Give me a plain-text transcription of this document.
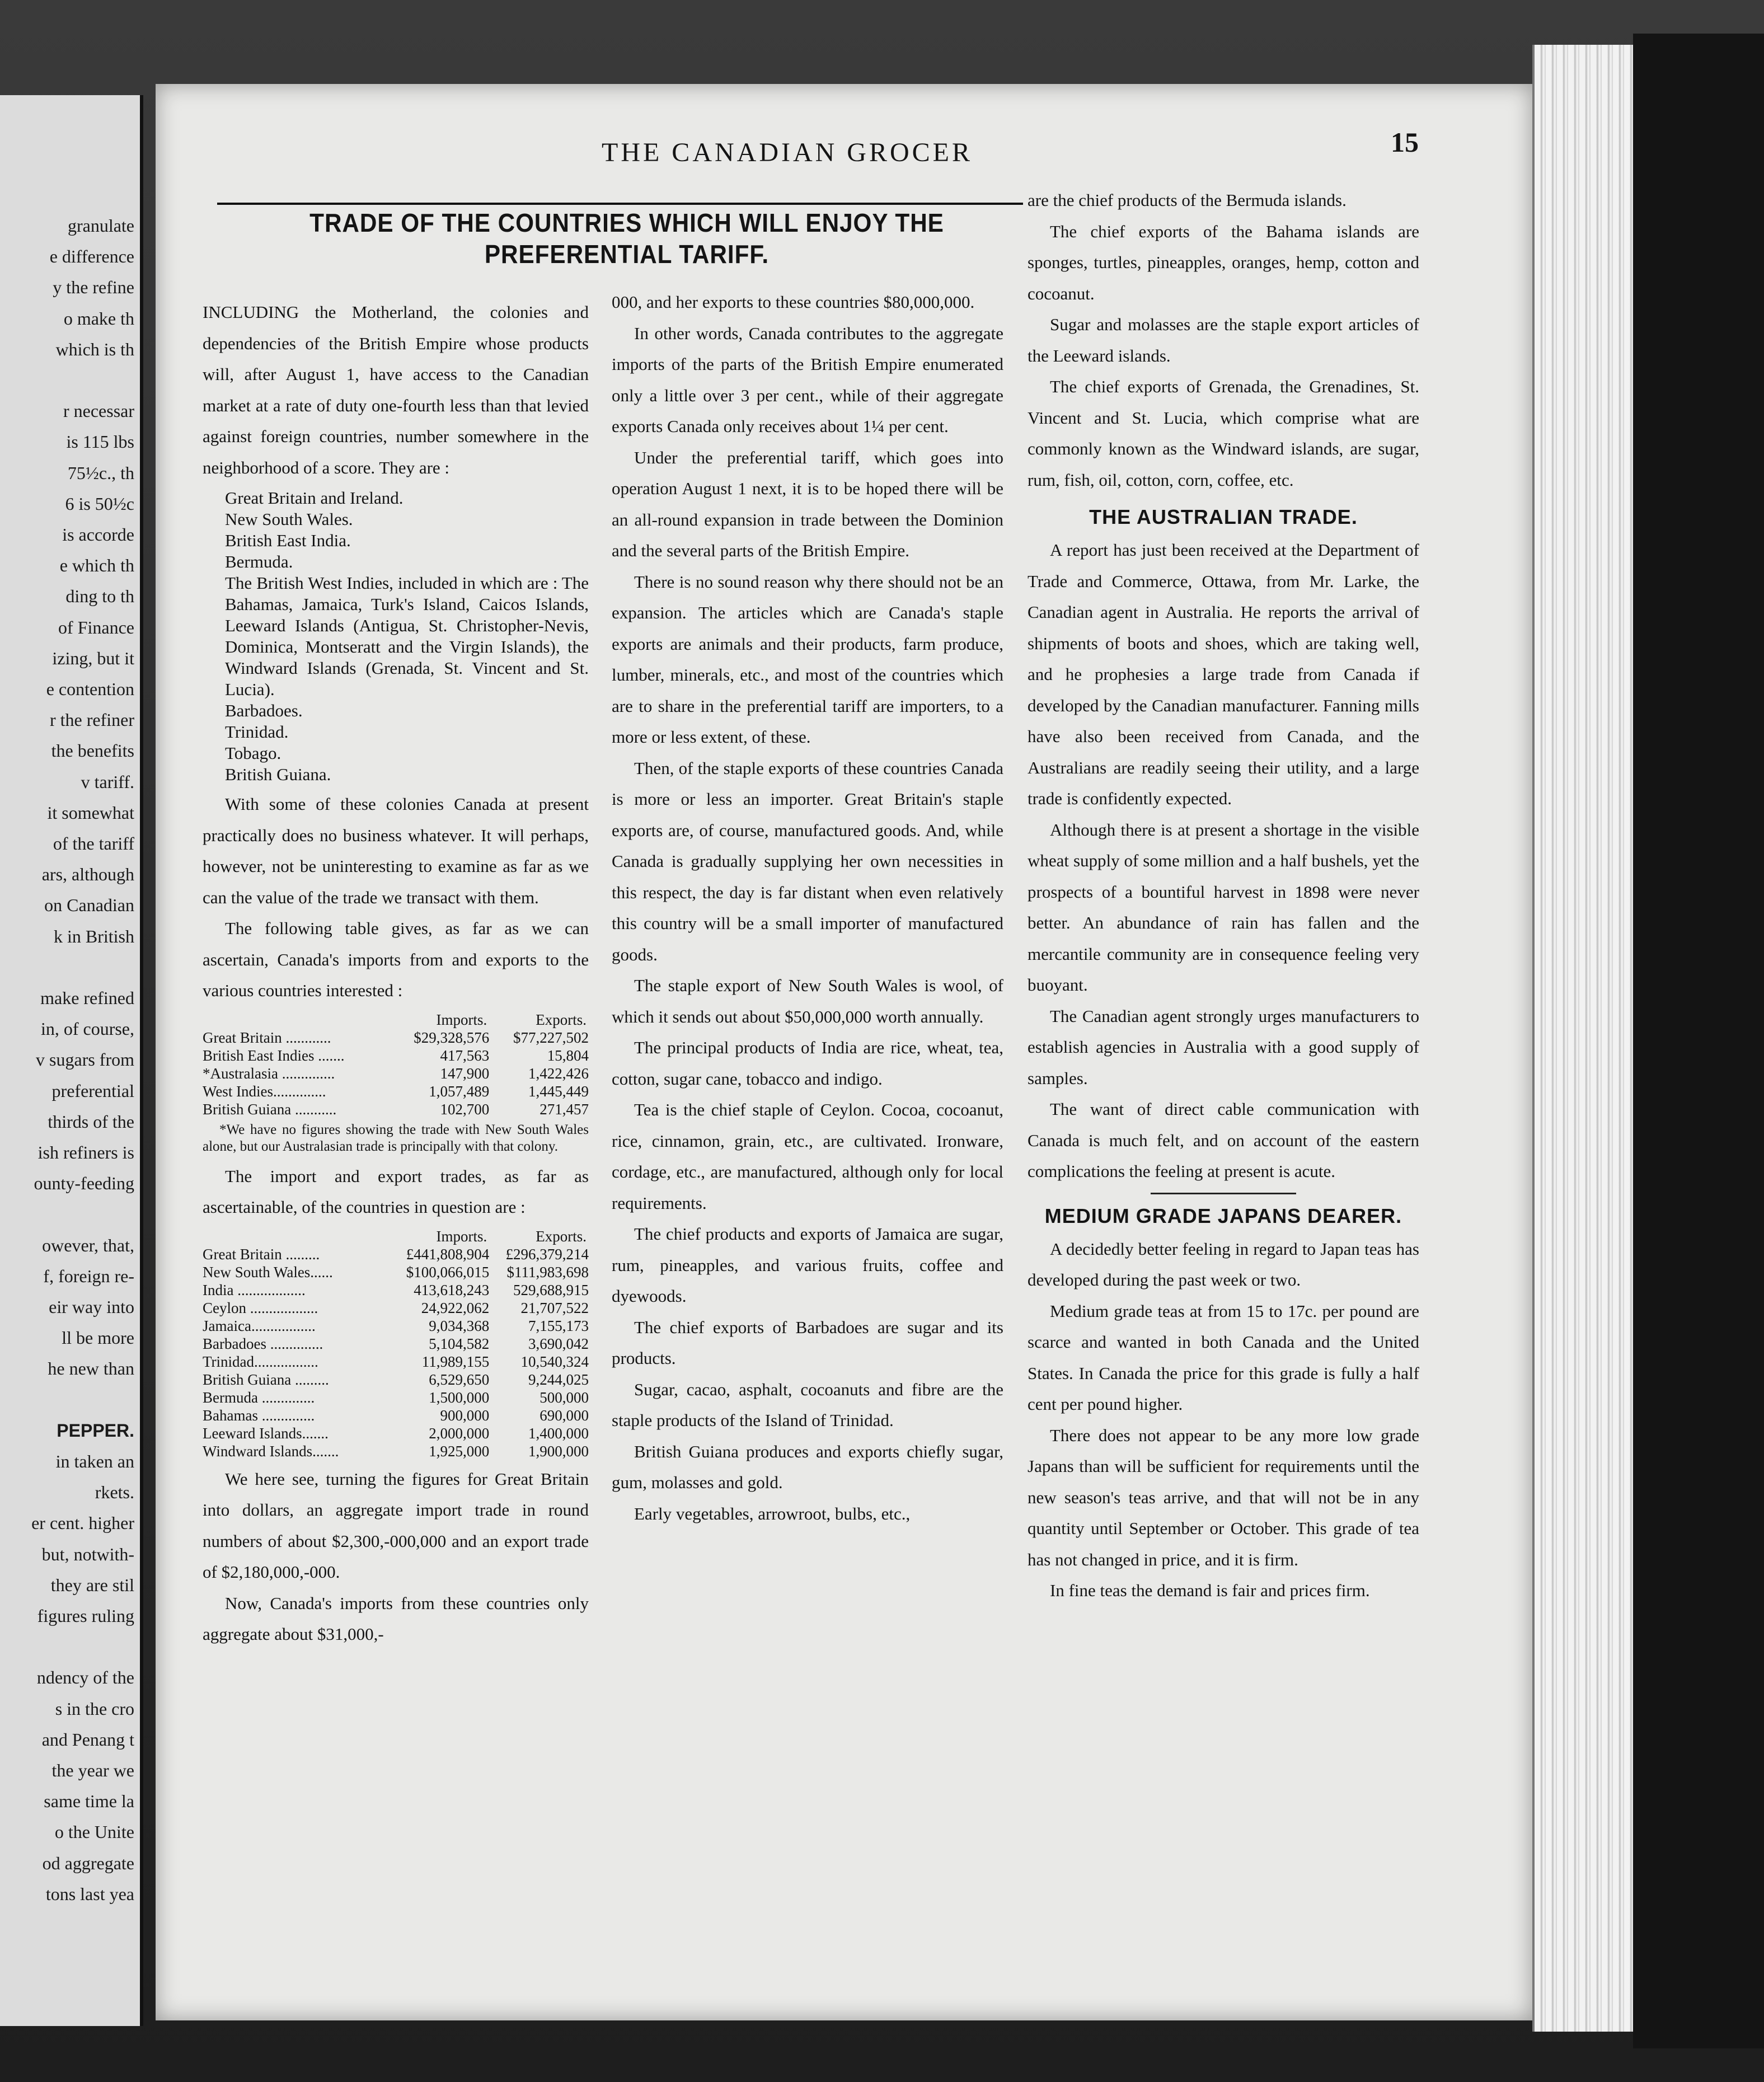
granulate
e difference
y the refine
o make th
which is th
r necessar
is 115 lbs
75½c., th
6 is 50½c
is accorde
e which th
ding to th
of Finance
izing, but it
e contention
r the refiner
the benefits
v tariff.
it somewhat
of the tariff
ars, although
on Canadian
k in British
make refined
in, of course,
v sugars from
preferential
thirds of the
ish refiners is
ounty-feeding
owever, that,
f, foreign re-
eir way into
ll be more
he new than
PEPPER.
in taken an
rkets.
er cent. higher
but, notwith-
they are stil
figures ruling
ndency of the
s in the cro
and Penang t
the year we
same time la
o the Unite
od aggregate
tons last yea
THE CANADIAN GROCER	15
TRADE OF THE COUNTRIES WHICH WILL ENJOY THE PREFERENTIAL TARIFF.

INCLUDING the Motherland, the colonies and dependencies of the British Empire whose products will, after August 1, have access to the Canadian market at a rate of duty one-fourth less than that levied against foreign countries, number somewhere in the neighborhood of a score. They are :

Great Britain and Ireland.
New South Wales.
British East India.
Bermuda.
The British West Indies, included in which are : The Bahamas, Jamaica, Turk's Island, Caicos Islands, Leeward Islands (Antigua, St. Christopher-Nevis, Dominica, Montseratt and the Virgin Islands), the Windward Islands (Grenada, St. Vincent and St. Lucia).
Barbadoes.
Trinidad.
Tobago.
British Guiana.

With some of these colonies Canada at present practically does no business whatever. It will perhaps, however, not be uninteresting to examine as far as we can the value of the trade we transact with them.

The following table gives, as far as we can ascertain, Canada's imports from and exports to the various countries interested :

	Imports.	Exports.
Great Britain ............	$29,328,576	$77,227,502
British East Indies .......	417,563	15,804
*Australasia ..............	147,900	1,422,426
West Indies..............	1,057,489	1,445,449
British Guiana ...........	102,700	271,457
*We have no figures showing the trade with New South Wales alone, but our Australasian trade is principally with that colony.

The import and export trades, as far as ascertainable, of the countries in question are :

	Imports.	Exports.
Great Britain .........	£441,808,904	£296,379,214
New South Wales......	$100,066,015	$111,983,698
India ..................	413,618,243	529,688,915
Ceylon ..................	24,922,062	21,707,522
Jamaica.................	9,034,368	7,155,173
Barbadoes ..............	5,104,582	3,690,042
Trinidad.................	11,989,155	10,540,324
British Guiana .........	6,529,650	9,244,025
Bermuda ..............	1,500,000	500,000
Bahamas ..............	900,000	690,000
Leeward Islands.......	2,000,000	1,400,000
Windward Islands.......	1,925,000	1,900,000

We here see, turning the figures for Great Britain into dollars, an aggregate import trade in round numbers of about $2,300,-000,000 and an export trade of $2,180,000,-000.

Now, Canada's imports from these countries only aggregate about $31,000,-

000, and her exports to these countries $80,000,000.

In other words, Canada contributes to the aggregate imports of the parts of the British Empire enumerated only a little over 3 per cent., while of their aggregate exports Canada only receives about 1¼ per cent.

Under the preferential tariff, which goes into operation August 1 next, it is to be hoped there will be an all-round expansion in trade between the Dominion and the several parts of the British Empire.

There is no sound reason why there should not be an expansion. The articles which are Canada's staple exports are animals and their products, farm produce, lumber, minerals, etc., and most of the countries which are to share in the preferential tariff are importers, to a more or less extent, of these.

Then, of the staple exports of these countries Canada is more or less an importer. Great Britain's staple exports are, of course, manufactured goods. And, while Canada is gradually supplying her own necessities in this respect, the day is far distant when even relatively this country will be a small importer of manufactured goods.

The staple export of New South Wales is wool, of which it sends out about $50,000,000 worth annually.

The principal products of India are rice, wheat, tea, cotton, sugar cane, tobacco and indigo.

Tea is the chief staple of Ceylon. Cocoa, cocoanut, rice, cinnamon, grain, etc., are cultivated. Ironware, cordage, etc., are manufactured, although only for local requirements.

The chief products and exports of Jamaica are sugar, rum, pineapples, and various fruits, coffee and dyewoods.

The chief exports of Barbadoes are sugar and its products.

Sugar, cacao, asphalt, cocoanuts and fibre are the staple products of the Island of Trinidad.

British Guiana produces and exports chiefly sugar, gum, molasses and gold.

Early vegetables, arrowroot, bulbs, etc.,

are the chief products of the Bermuda islands.

The chief exports of the Bahama islands are sponges, turtles, pineapples, oranges, hemp, cotton and cocoanut.

Sugar and molasses are the staple export articles of the Leeward islands.

The chief exports of Grenada, the Grenadines, St. Vincent and St. Lucia, which comprise what are commonly known as the Windward islands, are sugar, rum, fish, oil, cotton, corn, coffee, etc.

THE AUSTRALIAN TRADE.

A report has just been received at the Department of Trade and Commerce, Ottawa, from Mr. Larke, the Canadian agent in Australia. He reports the arrival of shipments of boots and shoes, which are taking well, and he prophesies a large trade from Canada if developed by the Canadian manufacturer. Fanning mills have also been received from Canada, and the Australians are readily seeing their utility, and a large trade is confidently expected.

Although there is at present a shortage in the visible wheat supply of some million and a half bushels, yet the prospects of a bountiful harvest in 1898 were never better. An abundance of rain has fallen and the mercantile community are in consequence feeling very buoyant.

The Canadian agent strongly urges manufacturers to establish agencies in Australia with a good supply of samples.

The want of direct cable communication with Canada is much felt, and on account of the eastern complications the feeling at present is acute.

MEDIUM GRADE JAPANS DEARER.

A decidedly better feeling in regard to Japan teas has developed during the past week or two.

Medium grade teas at from 15 to 17c. per pound are scarce and wanted in both Canada and the United States. In Canada the price for this grade is fully a half cent per pound higher.

There does not appear to be any more low grade Japans than will be sufficient for requirements until the new season's teas arrive, and that will not be in any quantity until September or October. This grade of tea has not changed in price, and it is firm.

In fine teas the demand is fair and prices firm.
